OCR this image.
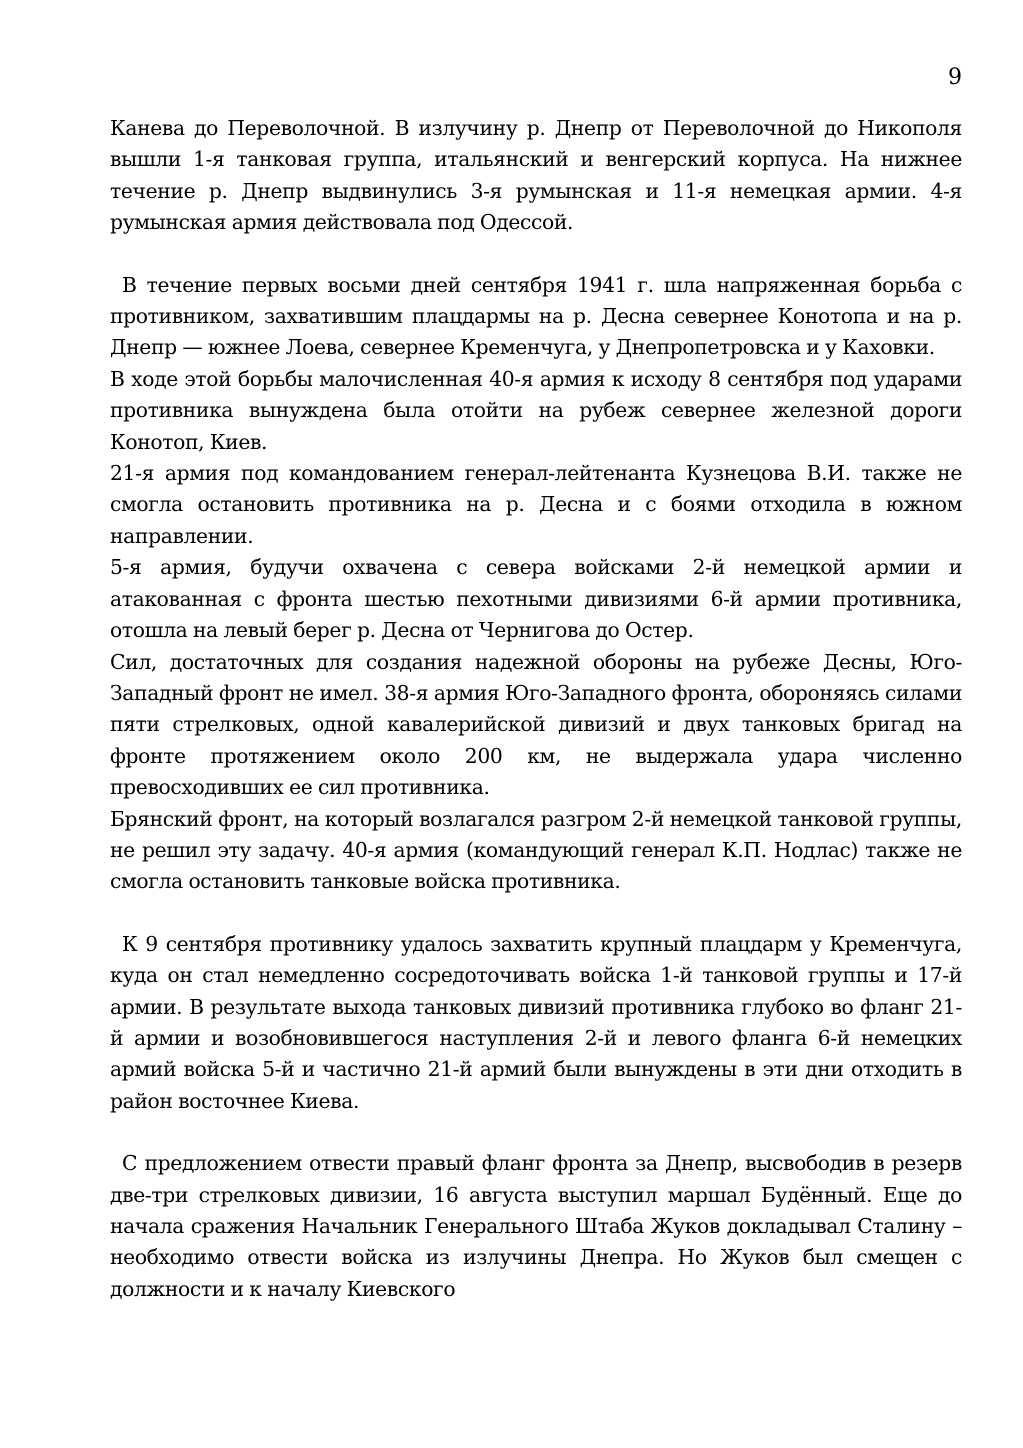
9

Канева до Переволочной. В излучину р. Днепр от Переволочной до Никополя вышли 1-я танковая группа, итальянский и венгерский корпуса. На нижнее течение р. Днепр выдвинулись 3-я румынская и 11-я немецкая армии. 4-я румынская армия действовала под Одессой.

В течение первых восьми дней сентября 1941 г. шла напряженная борьба с противником, захватившим плацдармы на р. Десна севернее Конотопа и на р. Днепр — южнее Лоева, севернее Кременчуга, у Днепропетровска и у Каховки.

В ходе этой борьбы малочисленная 40-я армия к исходу 8 сентября под ударами противника вынуждена была отойти на рубеж севернее железной дороги Конотоп, Киев.

21-я армия под командованием генерал-лейтенанта Кузнецова В.И. также не смогла остановить противника на р. Десна и с боями отходила в южном направлении.

5-я армия, будучи охвачена с севера войсками 2-й немецкой армии и атакованная с фронта шестью пехотными дивизиями 6-й армии противника, отошла на левый берег р. Десна от Чернигова до Остер.

Сил, достаточных для создания надежной обороны на рубеже Десны, Юго-Западный фронт не имел. 38-я армия Юго-Западного фронта, обороняясь силами пяти стрелковых, одной кавалерийской дивизий и двух танковых бригад на фронте протяжением около 200 км, не выдержала удара численно превосходивших ее сил противника.

Брянский фронт, на который возлагался разгром 2-й немецкой танковой группы, не решил эту задачу. 40-я армия (командующий генерал К.П. Нодлас) также не смогла остановить танковые войска противника.

К 9 сентября противнику удалось захватить крупный плацдарм у Кременчуга, куда он стал немедленно сосредоточивать войска 1-й танковой группы и 17-й армии. В результате выхода танковых дивизий противника глубоко во фланг 21-й армии и возобновившегося наступления 2-й и левого фланга 6-й немецких армий войска 5-й и частично 21-й армий были вынуждены в эти дни отходить в район восточнее Киева.

С предложением отвести правый фланг фронта за Днепр, высвободив в резерв две-три стрелковых дивизии, 16 августа выступил маршал Будённый. Еще до начала сражения Начальник Генерального Штаба Жуков докладывал Сталину – необходимо отвести войска из излучины Днепра. Но Жуков был смещен с должности и к началу Киевского
